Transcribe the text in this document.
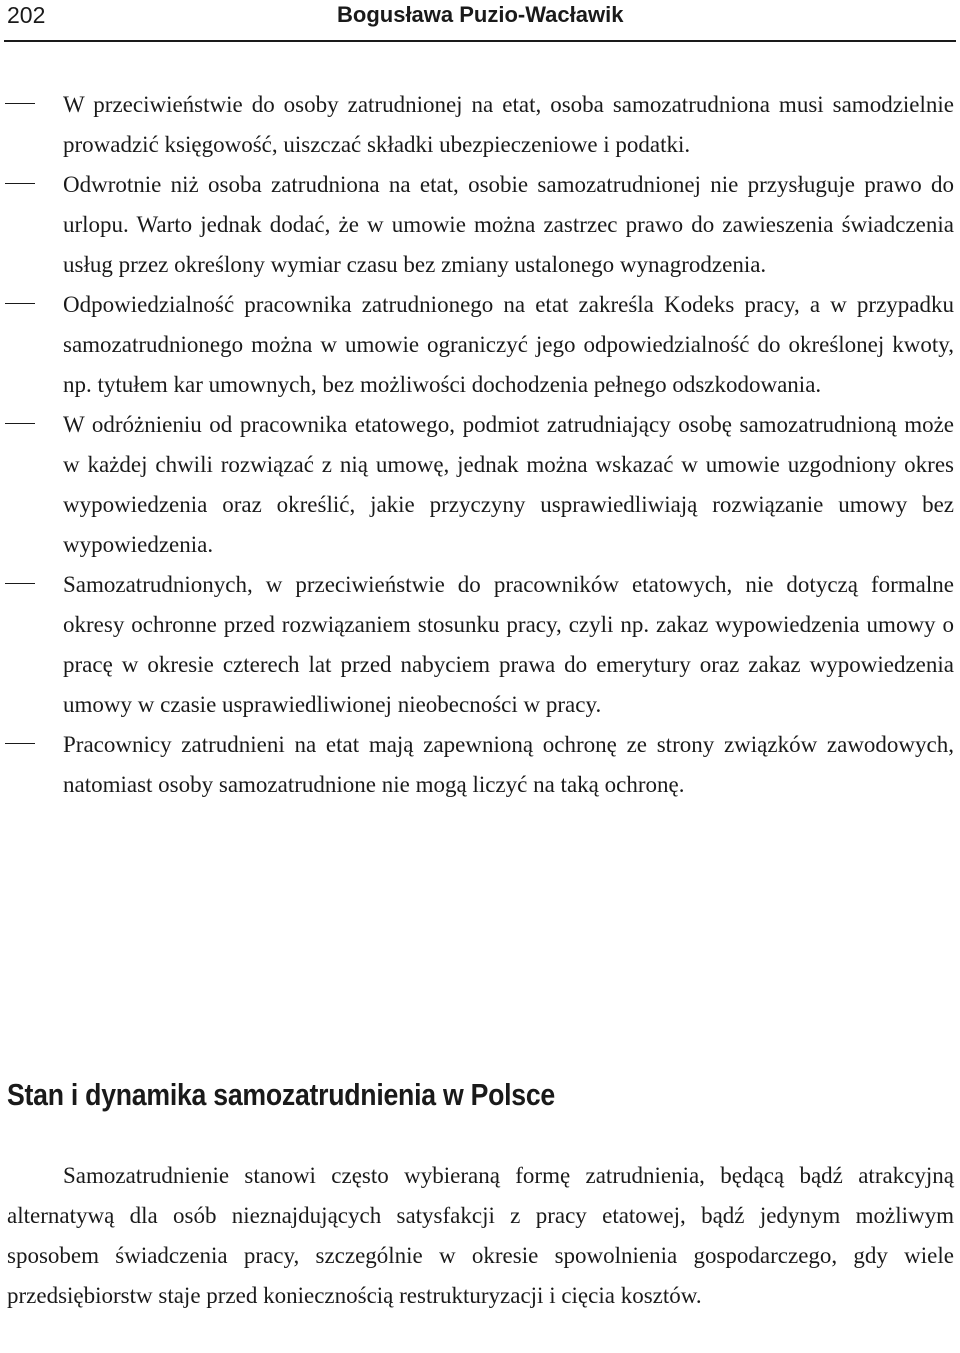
202	Bogusława Puzio-Wacławik
W przeciwieństwie do osoby zatrudnionej na etat, osoba samozatrudniona musi samodzielnie prowadzić księgowość, uiszczać składki ubezpieczeniowe i podatki.
Odwrotnie niż osoba zatrudniona na etat, osobie samozatrudnionej nie przysługuje prawo do urlopu. Warto jednak dodać, że w umowie można zastrzec prawo do zawieszenia świadczenia usług przez określony wymiar czasu bez zmiany ustalonego wynagrodzenia.
Odpowiedzialność pracownika zatrudnionego na etat zakreśla Kodeks pracy, a w przypadku samozatrudnionego można w umowie ograniczyć jego odpowiedzialność do określonej kwoty, np. tytułem kar umownych, bez możliwości dochodzenia pełnego odszkodowania.
W odróżnieniu od pracownika etatowego, podmiot zatrudniający osobę samozatrudnioną może w każdej chwili rozwiązać z nią umowę, jednak można wskazać w umowie uzgodniony okres wypowiedzenia oraz określić, jakie przyczyny usprawiedliwiają rozwiązanie umowy bez wypowiedzenia.
Samozatrudnionych, w przeciwieństwie do pracowników etatowych, nie dotyczą formalne okresy ochronne przed rozwiązaniem stosunku pracy, czyli np. zakaz wypowiedzenia umowy o pracę w okresie czterech lat przed nabyciem prawa do emerytury oraz zakaz wypowiedzenia umowy w czasie usprawiedliwionej nieobecności w pracy.
Pracownicy zatrudnieni na etat mają zapewnioną ochronę ze strony związków zawodowych, natomiast osoby samozatrudnione nie mogą liczyć na taką ochronę.
Stan i dynamika samozatrudnienia w Polsce

Samozatrudnienie stanowi często wybieraną formę zatrudnienia, będącą bądź atrakcyjną alternatywą dla osób nieznajdujących satysfakcji z pracy etatowej, bądź jedynym możliwym sposobem świadczenia pracy, szczególnie w okresie spowolnienia gospodarczego, gdy wiele przedsiębiorstw staje przed koniecznością restrukturyzacji i cięcia kosztów.
